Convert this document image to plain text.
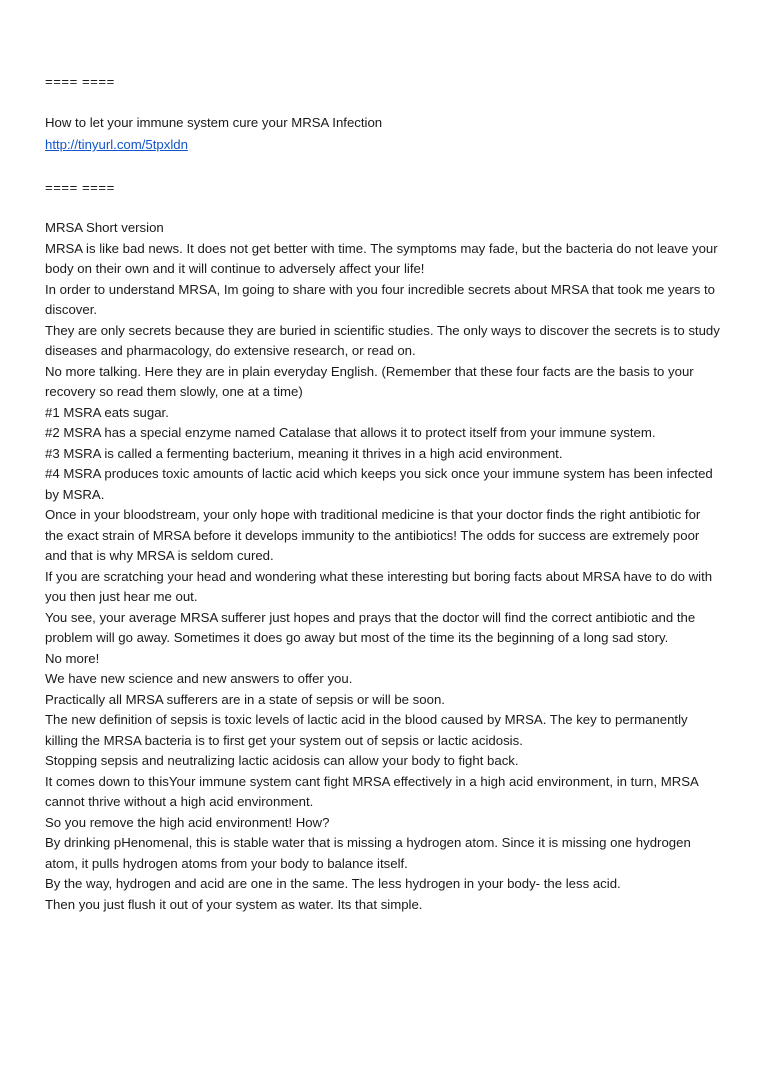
==== ====

How to let your immune system cure your MRSA Infection

http://tinyurl.com/5tpxldn

==== ====

MRSA Short version

MRSA is like bad news. It does not get better with time. The symptoms may fade, but the bacteria do not leave your body on their own and it will continue to adversely affect your life!

In order to understand MRSA, Im going to share with you four incredible secrets about MRSA that took me years to discover.

They are only secrets because they are buried in scientific studies. The only ways to discover the secrets is to study diseases and pharmacology, do extensive research, or read on.

No more talking. Here they are in plain everyday English. (Remember that these four facts are the basis to your recovery so read them slowly, one at a time)

#1 MSRA eats sugar.

#2 MSRA has a special enzyme named Catalase that allows it to protect itself from your immune system.

#3 MSRA is called a fermenting bacterium, meaning it thrives in a high acid environment.

#4 MSRA produces toxic amounts of lactic acid which keeps you sick once your immune system has been infected by MSRA.

Once in your bloodstream, your only hope with traditional medicine is that your doctor finds the right antibiotic for the exact strain of MRSA before it develops immunity to the antibiotics! The odds for success are extremely poor and that is why MRSA is seldom cured.

If you are scratching your head and wondering what these interesting but boring facts about MRSA have to do with you then just hear me out.

You see, your average MRSA sufferer just hopes and prays that the doctor will find the correct antibiotic and the problem will go away. Sometimes it does go away but most of the time its the beginning of a long sad story.

No more!

We have new science and new answers to offer you.

Practically all MRSA sufferers are in a state of sepsis or will be soon.

The new definition of sepsis is toxic levels of lactic acid in the blood caused by MRSA. The key to permanently killing the MRSA bacteria is to first get your system out of sepsis or lactic acidosis.

Stopping sepsis and neutralizing lactic acidosis can allow your body to fight back.

It comes down to thisYour immune system cant fight MRSA effectively in a high acid environment, in turn, MRSA cannot thrive without a high acid environment.

So you remove the high acid environment! How?

By drinking pHenomenal, this is stable water that is missing a hydrogen atom. Since it is missing one hydrogen atom, it pulls hydrogen atoms from your body to balance itself.

By the way, hydrogen and acid are one in the same. The less hydrogen in your body- the less acid.

Then you just flush it out of your system as water. Its that simple.
